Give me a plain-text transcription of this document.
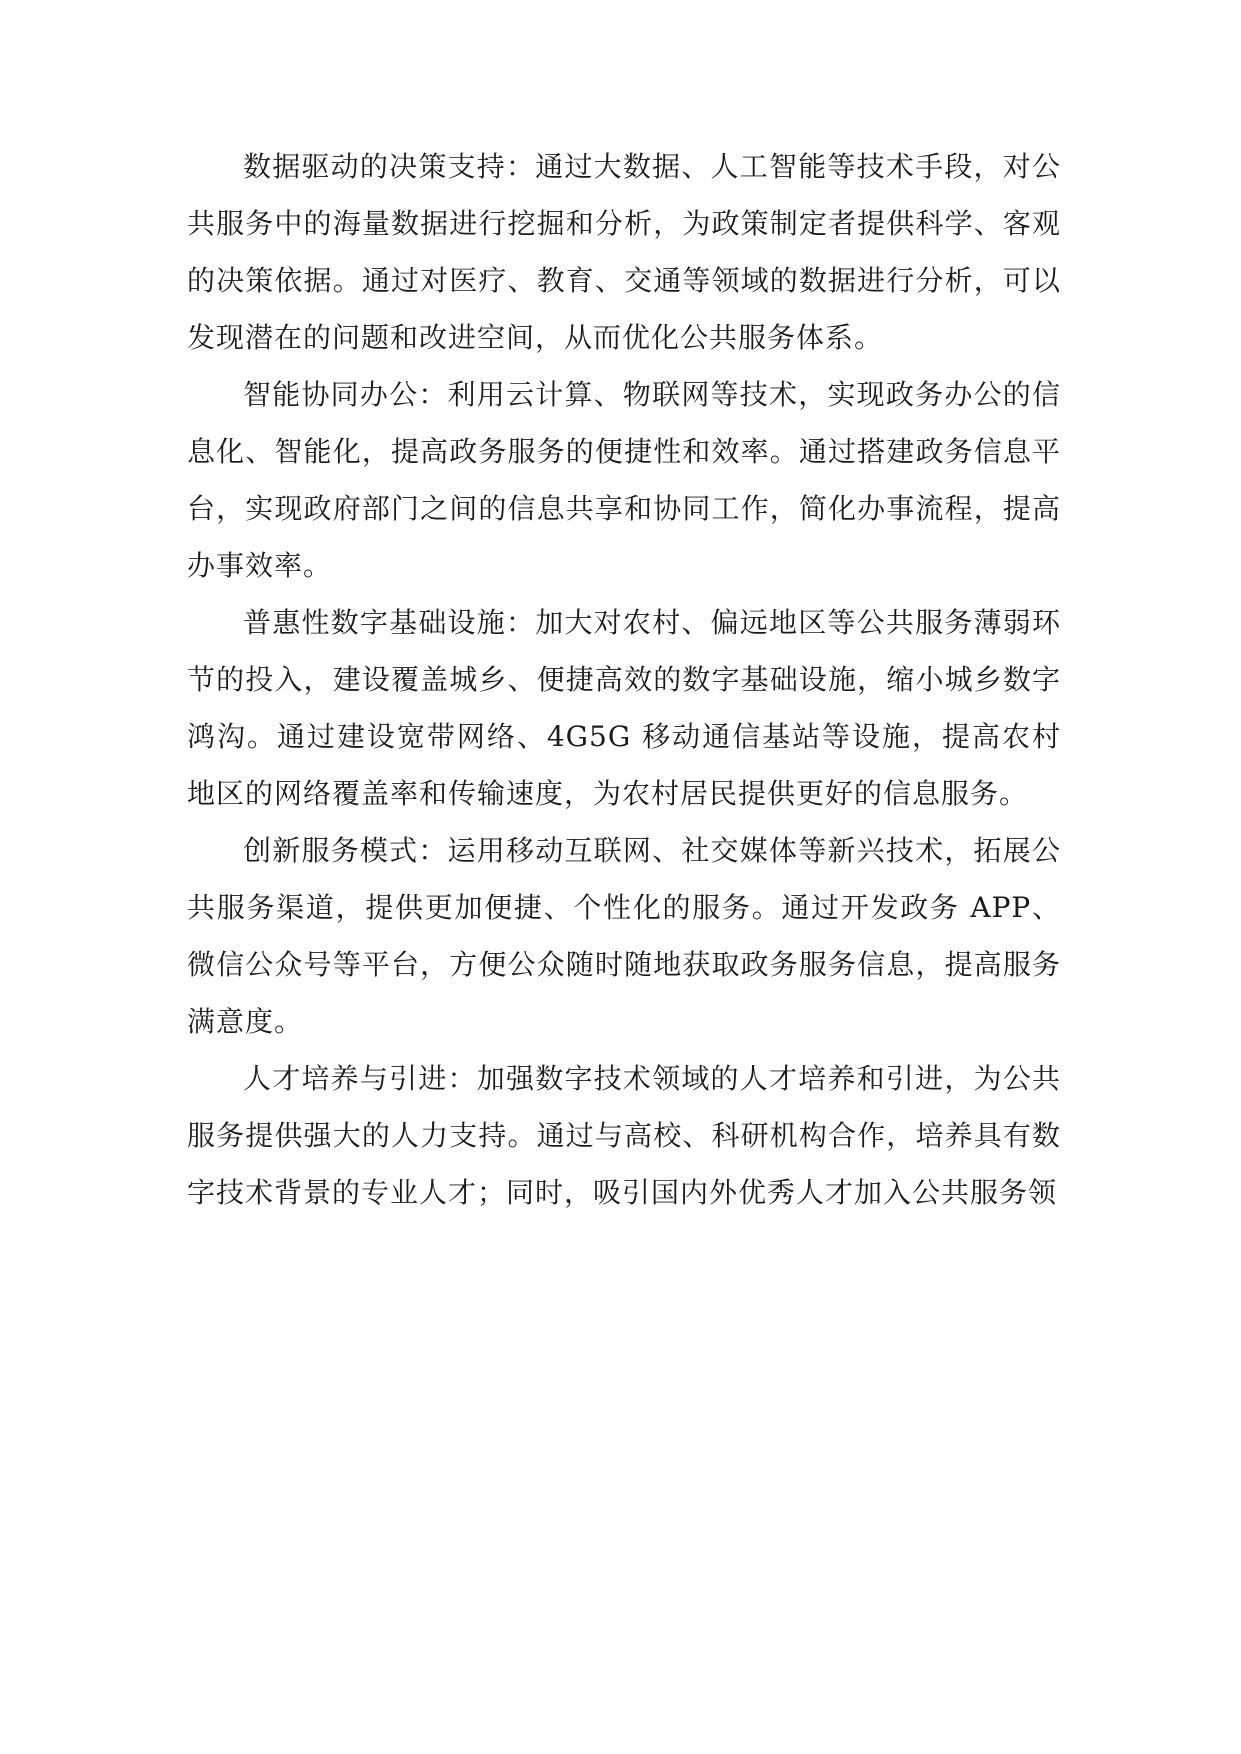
数据驱动的决策支持：通过大数据、人工智能等技术手段，对公共服务中的海量数据进行挖掘和分析，为政策制定者提供科学、客观的决策依据。通过对医疗、教育、交通等领域的数据进行分析，可以发现潜在的问题和改进空间，从而优化公共服务体系。

智能协同办公：利用云计算、物联网等技术，实现政务办公的信息化、智能化，提高政务服务的便捷性和效率。通过搭建政务信息平台，实现政府部门之间的信息共享和协同工作，简化办事流程，提高办事效率。

普惠性数字基础设施：加大对农村、偏远地区等公共服务薄弱环节的投入，建设覆盖城乡、便捷高效的数字基础设施，缩小城乡数字鸿沟。通过建设宽带网络、4G5G 移动通信基站等设施，提高农村地区的网络覆盖率和传输速度，为农村居民提供更好的信息服务。

创新服务模式：运用移动互联网、社交媒体等新兴技术，拓展公共服务渠道，提供更加便捷、个性化的服务。通过开发政务 APP、微信公众号等平台，方便公众随时随地获取政务服务信息，提高服务满意度。

人才培养与引进：加强数字技术领域的人才培养和引进，为公共服务提供强大的人力支持。通过与高校、科研机构合作，培养具有数字技术背景的专业人才；同时，吸引国内外优秀人才加入公共服务领
